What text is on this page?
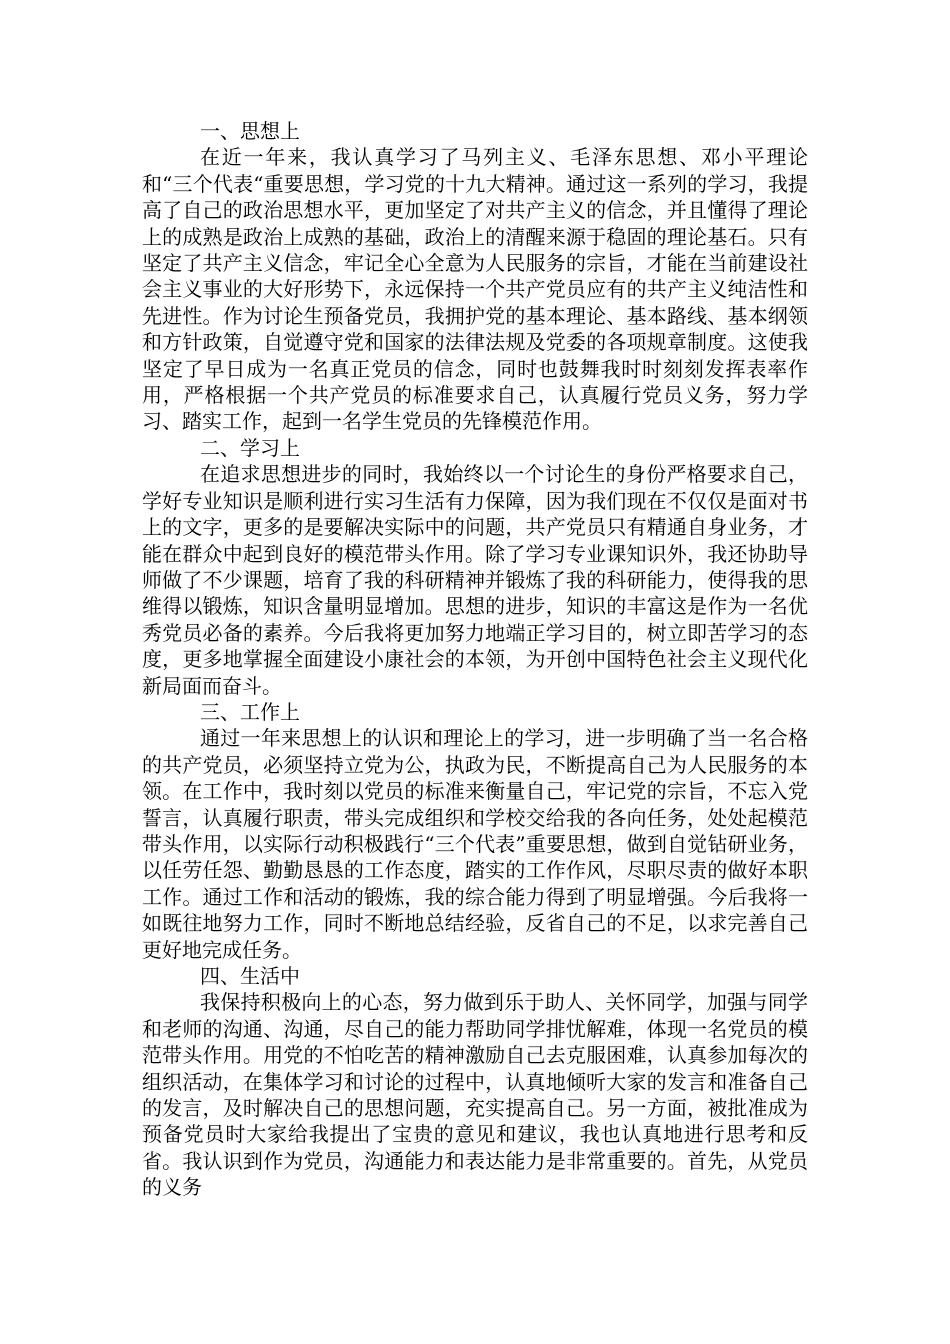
一、思想上

在近一年来，我认真学习了马列主义、毛泽东思想、邓小平理论和“三个代表“重要思想，学习党的十九大精神。通过这一系列的学习，我提高了自己的政治思想水平，更加坚定了对共产主义的信念，并且懂得了理论上的成熟是政治上成熟的基础，政治上的清醒来源于稳固的理论基石。只有坚定了共产主义信念，牢记全心全意为人民服务的宗旨，才能在当前建设社会主义事业的大好形势下，永远保持一个共产党员应有的共产主义纯洁性和先进性。作为讨论生预备党员，我拥护党的基本理论、基本路线、基本纲领和方针政策，自觉遵守党和国家的法律法规及党委的各项规章制度。这使我坚定了早日成为一名真正党员的信念，同时也鼓舞我时时刻刻发挥表率作用，严格根据一个共产党员的标准要求自己，认真履行党员义务，努力学习、踏实工作，起到一名学生党员的先锋模范作用。

二、学习上

在追求思想进步的同时，我始终以一个讨论生的身份严格要求自己，学好专业知识是顺利进行实习生活有力保障，因为我们现在不仅仅是面对书上的文字，更多的是要解决实际中的问题，共产党员只有精通自身业务，才能在群众中起到良好的模范带头作用。除了学习专业课知识外，我还协助导师做了不少课题，培育了我的科研精神并锻炼了我的科研能力，使得我的思维得以锻炼，知识含量明显增加。思想的进步，知识的丰富这是作为一名优秀党员必备的素养。今后我将更加努力地端正学习目的，树立即苦学习的态度，更多地掌握全面建设小康社会的本领，为开创中国特色社会主义现代化新局面而奋斗。

三、工作上

通过一年来思想上的认识和理论上的学习，进一步明确了当一名合格的共产党员，必须坚持立党为公，执政为民，不断提高自己为人民服务的本领。在工作中，我时刻以党员的标准来衡量自己，牢记党的宗旨，不忘入党誓言，认真履行职责，带头完成组织和学校交给我的各向任务，处处起模范带头作用，以实际行动积极践行“三个代表”重要思想，做到自觉钻研业务，以任劳任怨、勤勤恳恳的工作态度，踏实的工作作风，尽职尽责的做好本职工作。通过工作和活动的锻炼，我的综合能力得到了明显增强。今后我将一如既往地努力工作，同时不断地总结经验，反省自己的不足，以求完善自己更好地完成任务。

四、生活中

我保持积极向上的心态，努力做到乐于助人、关怀同学，加强与同学和老师的沟通、沟通，尽自己的能力帮助同学排忧解难，体现一名党员的模范带头作用。用党的不怕吃苦的精神激励自己去克服困难，认真参加每次的组织活动，在集体学习和讨论的过程中，认真地倾听大家的发言和准备自己的发言，及时解决自己的思想问题，充实提高自己。另一方面，被批准成为预备党员时大家给我提出了宝贵的意见和建议，我也认真地进行思考和反省。我认识到作为党员，沟通能力和表达能力是非常重要的。首先，从党员的义务
